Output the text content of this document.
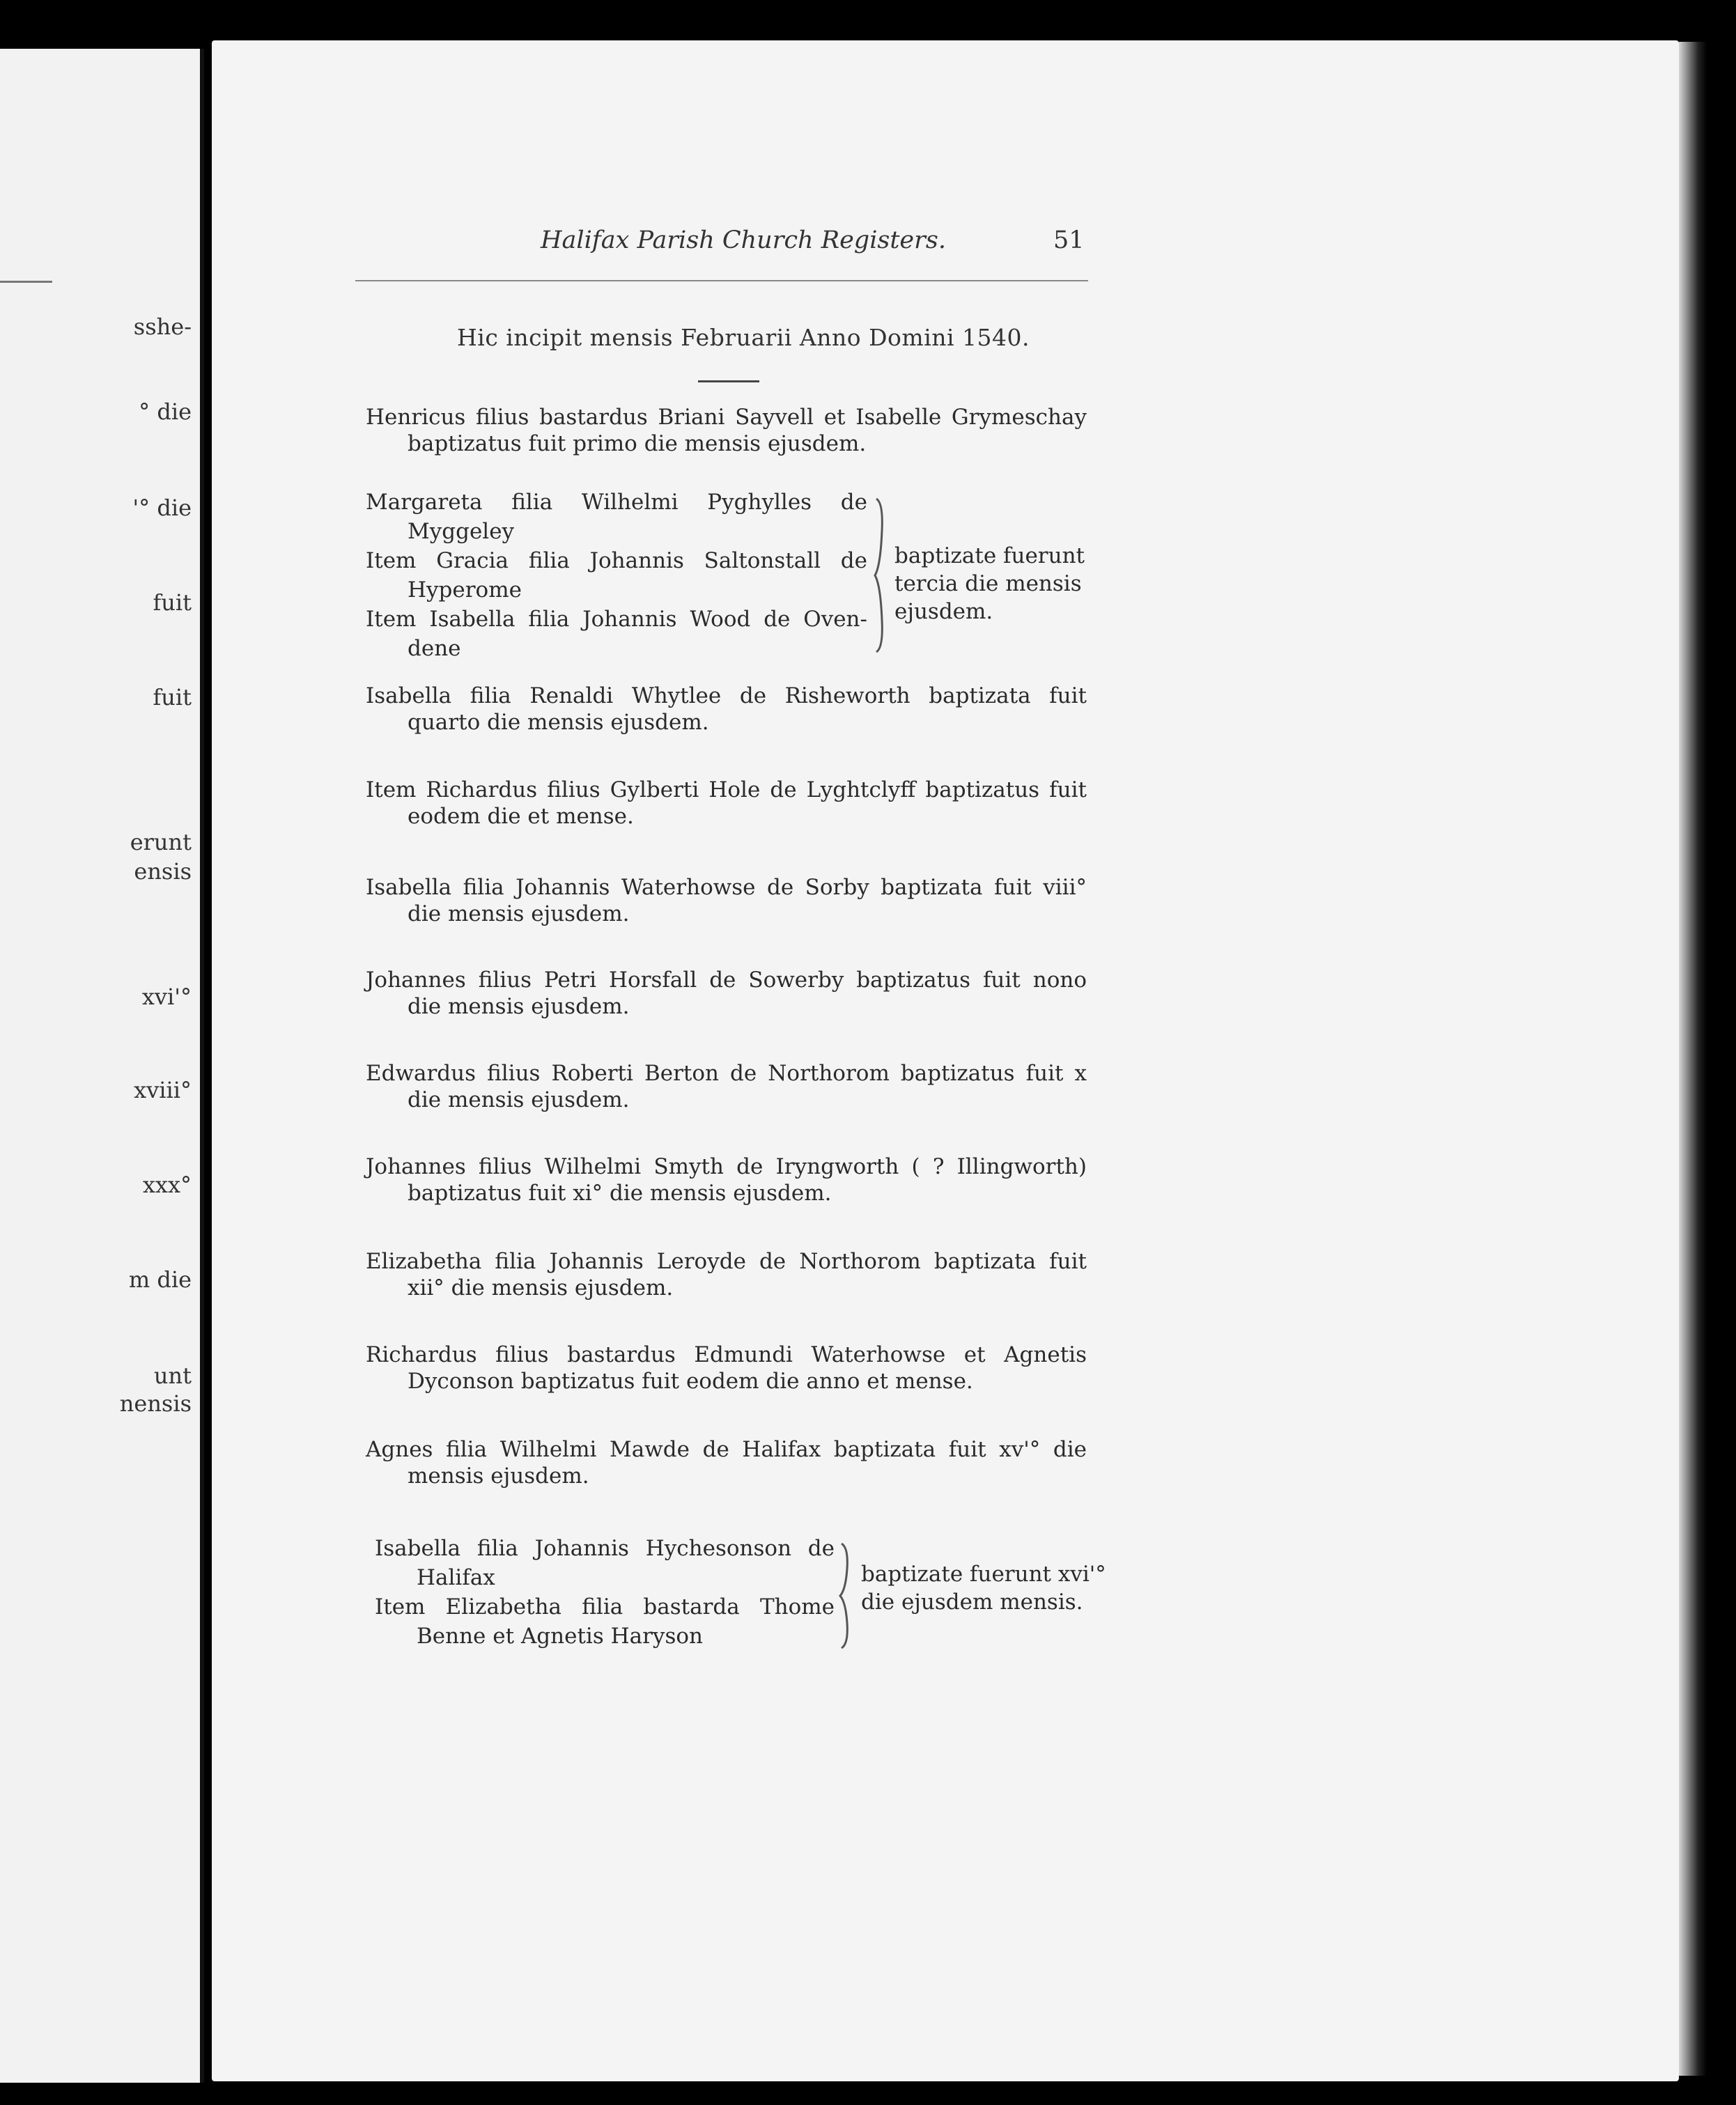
sshe-
° die
'° die
fuit
fuit
erunt
ensis
xvi'°
xviii°
xxx°
m die
unt
nensis
Halifax Parish Church Registers.	51
Hic incipit mensis Februarii Anno Domini 1540.
Henricus filius bastardus Briani Sayvell et Isabelle Grymeschay
baptizatus fuit primo die mensis ejusdem.
Margareta filia Wilhelmi Pyghylles de
Myggeley
Item Gracia filia Johannis Saltonstall de
Hyperome
Item Isabella filia Johannis Wood de Oven-
dene
baptizate fuerunt
tercia die mensis
ejusdem.
Isabella filia Renaldi Whytlee de Risheworth baptizata fuit
quarto die mensis ejusdem.
Item Richardus filius Gylberti Hole de Lyghtclyff baptizatus fuit
eodem die et mense.
Isabella filia Johannis Waterhowse de Sorby baptizata fuit viii°
die mensis ejusdem.
Johannes filius Petri Horsfall de Sowerby baptizatus fuit nono
die mensis ejusdem.
Edwardus filius Roberti Berton de Northorom baptizatus fuit x
die mensis ejusdem.
Johannes filius Wilhelmi Smyth de Iryngworth ( ? Illingworth)
baptizatus fuit xi° die mensis ejusdem.
Elizabetha filia Johannis Leroyde de Northorom baptizata fuit
xii° die mensis ejusdem.
Richardus filius bastardus Edmundi Waterhowse et Agnetis
Dyconson baptizatus fuit eodem die anno et mense.
Agnes filia Wilhelmi Mawde de Halifax baptizata fuit xv'° die
mensis ejusdem.
Isabella filia Johannis Hychesonson de
Halifax
Item Elizabetha filia bastarda Thome
Benne et Agnetis Haryson
baptizate fuerunt xvi'°
die ejusdem mensis.
